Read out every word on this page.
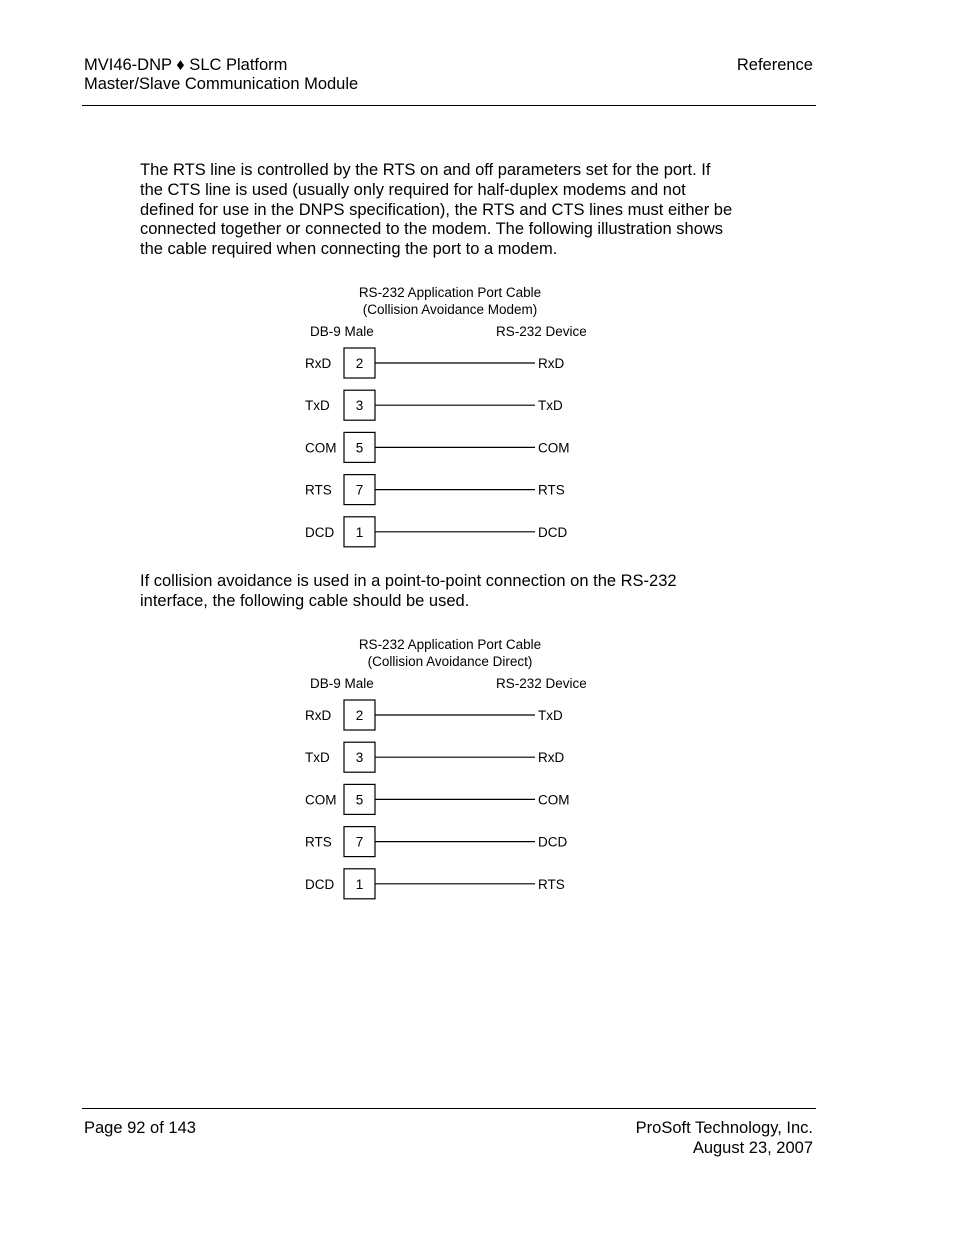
MVI46-DNP ♦ SLC Platform
Master/Slave Communication Module
Reference

The RTS line is controlled by the RTS on and off parameters set for the port. If
the CTS line is used (usually only required for half-duplex modems and not
defined for use in the DNPS specification), the RTS and CTS lines must either be
connected together or connected to the modem. The following illustration shows
the cable required when connecting the port to a modem.

RS-232 Application Port Cable
(Collision Avoidance Modem)
DB-9 Male	RS-232 Device
RxD 2	RxD
TxD 3	TxD
COM 5	COM
RTS 7	RTS
DCD 1	DCD

If collision avoidance is used in a point-to-point connection on the RS-232
interface, the following cable should be used.

RS-232 Application Port Cable
(Collision Avoidance Direct)
DB-9 Male	RS-232 Device
RxD 2	TxD
TxD 3	RxD
COM 5	COM
RTS 7	DCD
DCD 1	RTS
Page 92 of 143	ProSoft Technology, Inc.
August 23, 2007
